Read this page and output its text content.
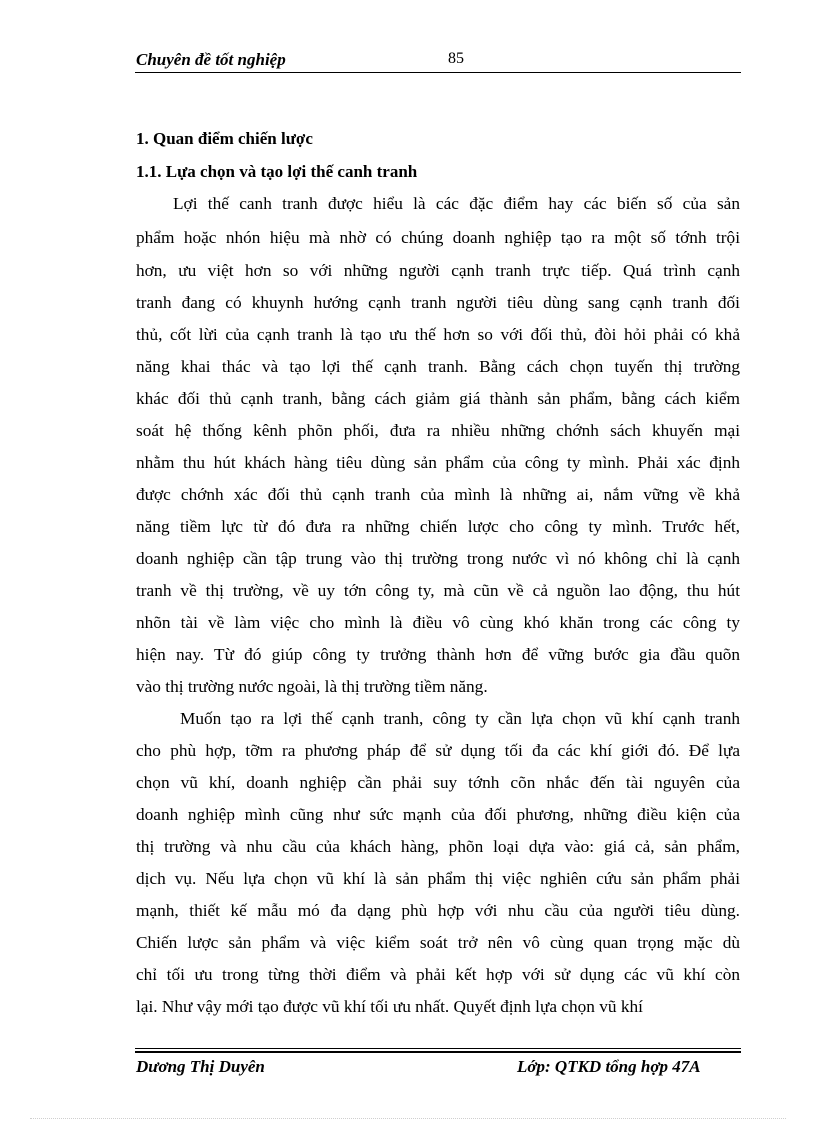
Chuyên đề tốt nghiệp	85
1. Quan điểm chiến lược
1.1. Lựa chọn và tạo lợi thế canh tranh
Lợi thế canh tranh được hiểu là các đặc điểm hay các biến số của sản
phẩm hoặc nhón hiệu mà nhờ có chúng doanh nghiệp tạo ra một số tớnh trội
hơn, ưu việt hơn so với những người cạnh tranh trực tiếp. Quá trình cạnh
tranh đang có khuynh hướng cạnh tranh người tiêu dùng sang cạnh tranh đối
thủ, cốt lừi của cạnh tranh là tạo ưu thế hơn so với đối thủ, đòi hỏi phải có khả
năng khai thác và tạo lợi thế cạnh tranh. Bằng cách chọn tuyến thị trường
khác đối thủ cạnh tranh, bằng cách giảm giá thành sản phẩm, bằng cách kiểm
soát hệ thống kênh phõn phối, đưa ra nhiều những chớnh sách khuyến mại
nhằm thu hút khách hàng tiêu dùng sản phẩm của công ty mình. Phải xác định
được chớnh xác đối thủ cạnh tranh của mình là những ai, nắm vững về khả
năng tiềm lực từ đó đưa ra những chiến lược cho công ty mình. Trước hết,
doanh nghiệp cần tập trung vào thị trường trong nước vì nó không chỉ là cạnh
tranh về thị trường, về uy tớn công ty, mà cũn về cả nguồn lao động, thu hút
nhõn tài về làm việc cho mình là điều vô cùng khó khăn trong các công ty
hiện nay. Từ đó giúp công ty trưởng thành hơn để vững bước gia đầu quõn
vào thị trường nước ngoài, là thị trường tiềm năng.
Muốn tạo ra lợi thế cạnh tranh, công ty cần lựa chọn vũ khí cạnh tranh
cho phù hợp, tỡm ra phương pháp để sử dụng tối đa các khí giới đó. Để lựa
chọn vũ khí, doanh nghiệp cần phải suy tớnh cõn nhắc đến tài nguyên của
doanh nghiệp mình cũng như sức mạnh của đối phương, những điều kiện của
thị trường và nhu cầu của khách hàng, phõn loại dựa vào: giá cả, sản phẩm,
dịch vụ. Nếu lựa chọn vũ khí là sản phẩm thị việc nghiên cứu sản phẩm phải
mạnh, thiết kế mẫu mó đa dạng phù hợp với nhu cầu của người tiêu dùng.
Chiến lược sản phẩm và việc kiểm soát trở nên vô cùng quan trọng mặc dù
chỉ tối ưu trong từng thời điểm và phải kết hợp với sử dụng các vũ khí còn
lại. Như vậy mới tạo được vũ khí tối ưu nhất. Quyết định lựa chọn vũ khí
Dương Thị Duyên	Lớp: QTKD tổng hợp 47A
